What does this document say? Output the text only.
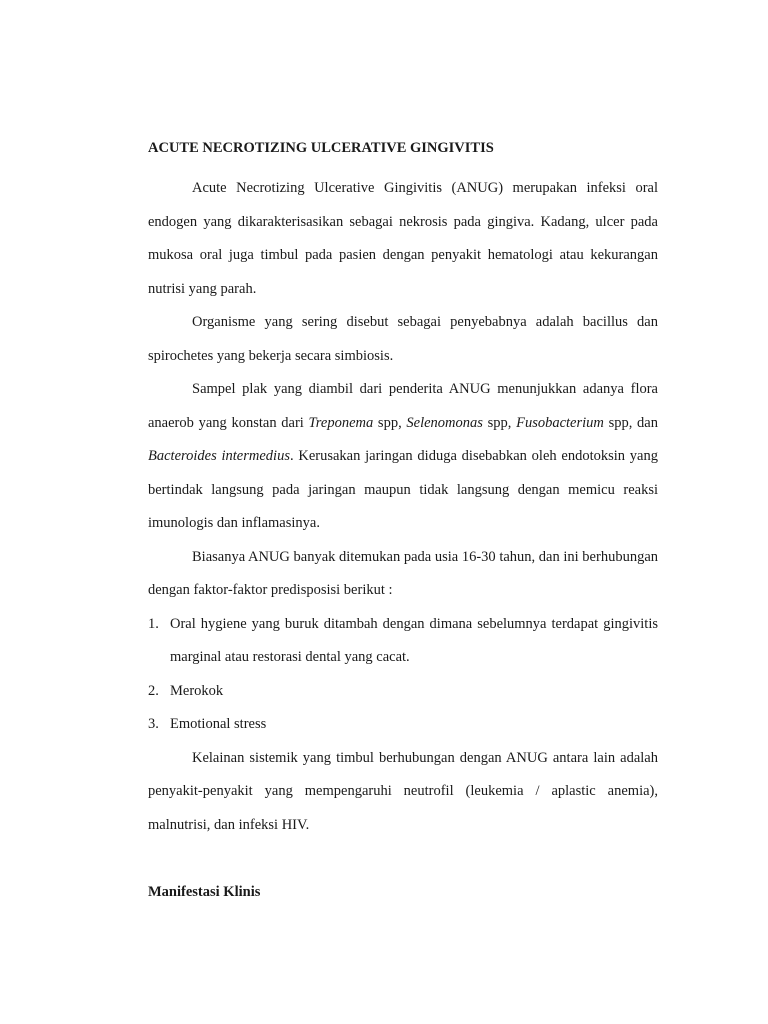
ACUTE NECROTIZING ULCERATIVE GINGIVITIS

Acute Necrotizing Ulcerative Gingivitis (ANUG) merupakan infeksi oral endogen yang dikarakterisasikan sebagai nekrosis pada gingiva. Kadang, ulcer pada mukosa oral juga timbul pada pasien dengan penyakit hematologi atau kekurangan nutrisi yang parah.

Organisme yang sering disebut sebagai penyebabnya adalah bacillus dan spirochetes yang bekerja secara simbiosis.

Sampel plak yang diambil dari penderita ANUG menunjukkan adanya flora anaerob yang konstan dari Treponema spp, Selenomonas spp, Fusobacterium spp, dan Bacteroides intermedius. Kerusakan jaringan diduga disebabkan oleh endotoksin yang bertindak langsung pada jaringan maupun tidak langsung dengan memicu reaksi imunologis dan inflamasinya.

Biasanya ANUG banyak ditemukan pada usia 16-30 tahun, dan ini berhubungan dengan faktor-faktor predisposisi berikut :

1. Oral hygiene yang buruk ditambah dengan dimana sebelumnya terdapat gingivitis marginal atau restorasi dental yang cacat.
2. Merokok
3. Emotional stress

Kelainan sistemik yang timbul berhubungan dengan ANUG antara lain adalah penyakit-penyakit yang mempengaruhi neutrofil (leukemia / aplastic anemia), malnutrisi, dan infeksi HIV.

Manifestasi Klinis
